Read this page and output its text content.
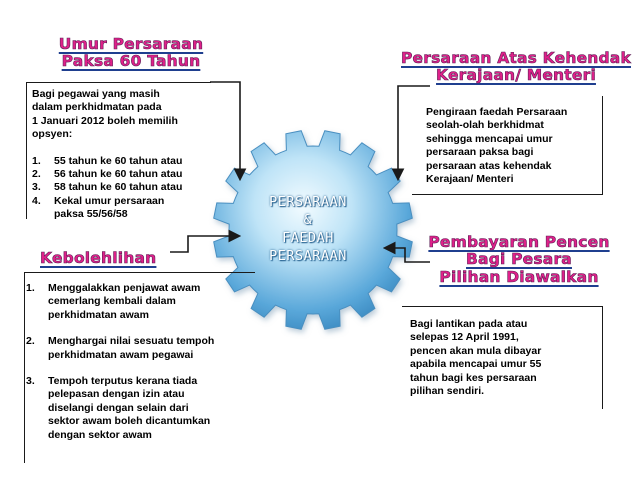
PERSARAAN
&
FAEDAH
PERSARAAN
Umur Persaraan
Paksa 60 Tahun

Bagi pegawai yang masih

dalam perkhidmatan pada

1 Januari 2012 boleh memilih

opsyen:

1. 55 tahun ke 60 tahun atau
2. 56 tahun ke 60 tahun atau
3. 58 tahun ke 60 tahun atau
4. Kekal umur persaraan
paksa 55/56/58
Persaraan Atas Kehendak
Kerajaan/ Menteri

Pengiraan faedah Persaraan

seolah-olah berkhidmat

sehingga mencapai umur

persaraan paksa bagi

persaraan atas kehendak

Kerajaan/ Menteri

Kebolehlihan
1. Menggalakkan penjawat awam
cemerlang kembali dalam
perkhidmatan awam
2. Menghargai nilai sesuatu tempoh
perkhidmatan awam pegawai
3. Tempoh terputus kerana tiada
pelepasan dengan izin atau
diselangi dengan selain dari
sektor awam boleh dicantumkan
dengan sektor awam
Pembayaran Pencen
Bagi Pesara
Pilihan Diawalkan

Bagi lantikan pada atau

selepas 12 April 1991,

pencen akan mula dibayar

apabila mencapai umur 55

tahun bagi kes persaraan

pilihan sendiri.
